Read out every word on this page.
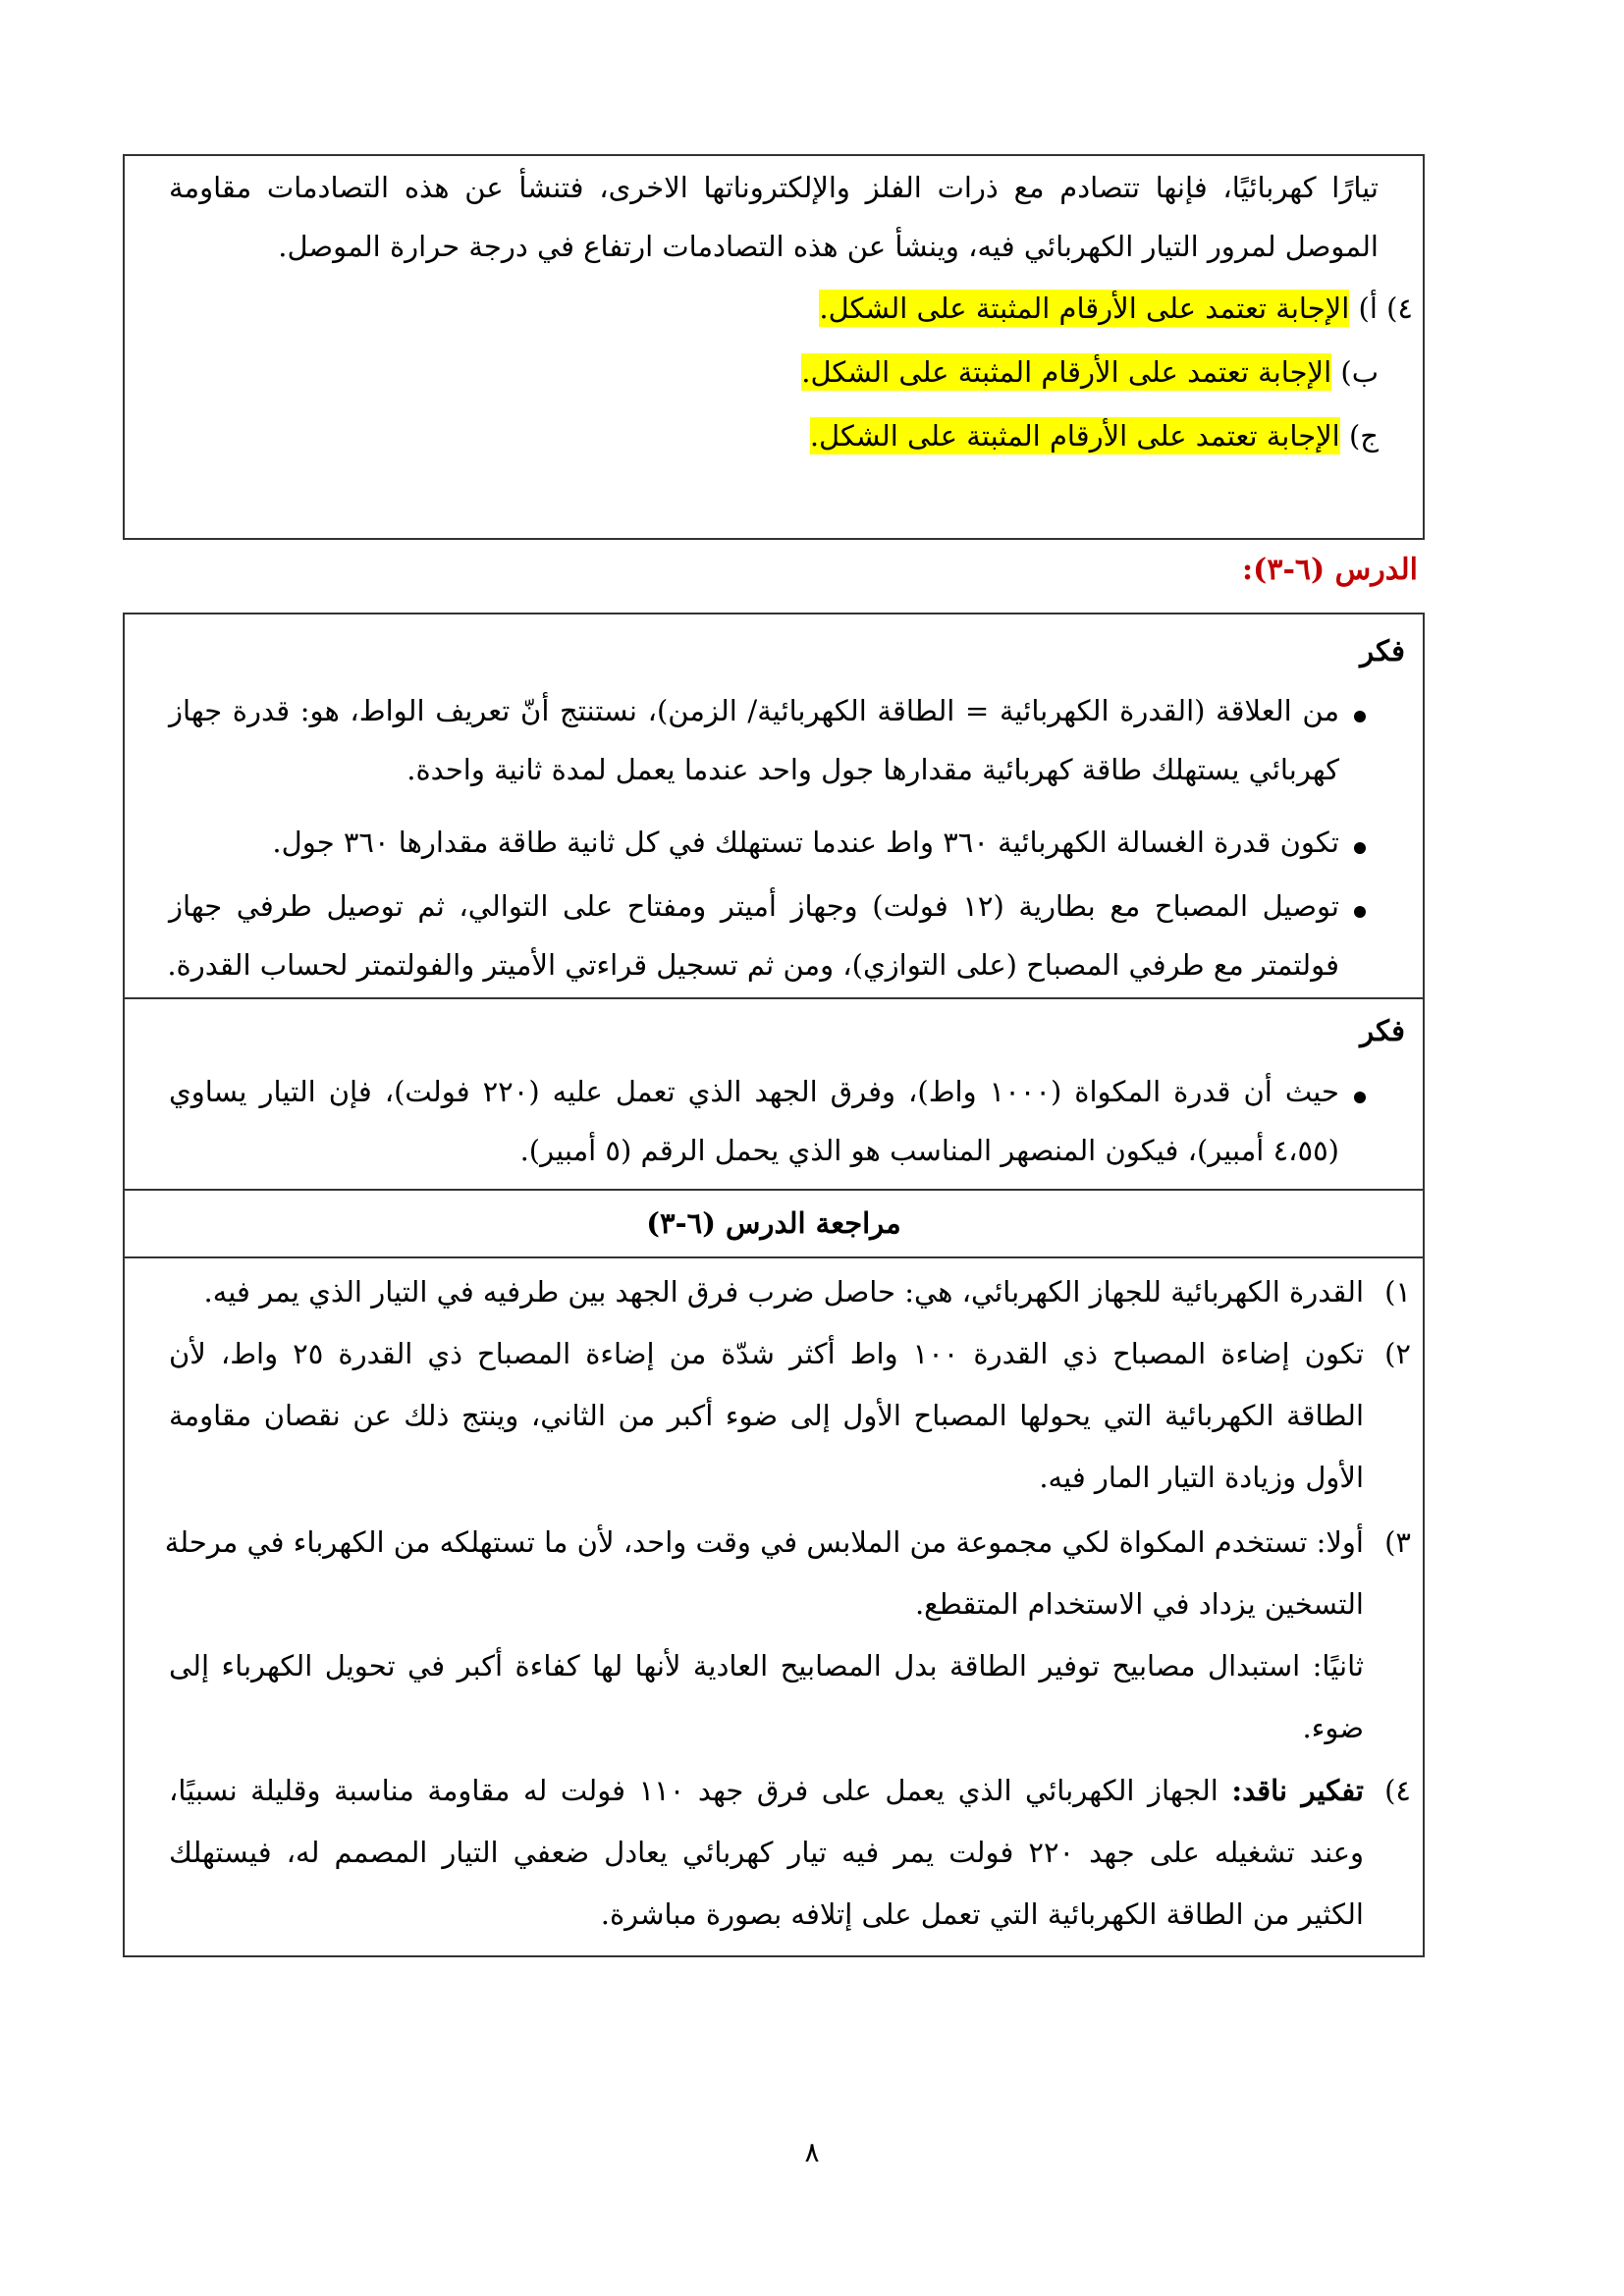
تيارًا كهربائيًا، فإنها تتصادم مع ذرات الفلز والإلكتروناتها الاخرى، فتنشأ عن هذه التصادمات مقاومة
الموصل لمرور التيار الكهربائي فيه، وينشأ عن هذه التصادمات ارتفاع في درجة حرارة الموصل.
٤) أ) الإجابة تعتمد على الأرقام المثبتة على الشكل.
ب) الإجابة تعتمد على الأرقام المثبتة على الشكل.
ج) الإجابة تعتمد على الأرقام المثبتة على الشكل.
الدرس (٦-٣):
فكر
من العلاقة (القدرة الكهربائية = الطاقة الكهربائية/ الزمن)، نستنتج أنّ تعريف الواط، هو: قدرة جهاز
كهربائي يستهلك طاقة كهربائية مقدارها جول واحد عندما يعمل لمدة ثانية واحدة.
تكون قدرة الغسالة الكهربائية ٣٦٠ واط عندما تستهلك في كل ثانية طاقة مقدارها ٣٦٠ جول.
توصيل المصباح مع بطارية (١٢ فولت) وجهاز أميتر ومفتاح على التوالي، ثم توصيل طرفي جهاز
فولتمتر مع طرفي المصباح (على التوازي)، ومن ثم تسجيل قراءتي الأميتر والفولتمتر لحساب القدرة.
فكر
حيث أن قدرة المكواة (١٠٠٠ واط)، وفرق الجهد الذي تعمل عليه (٢٢٠ فولت)، فإن التيار يساوي
(٤،٥٥ أمبير)، فيكون المنصهر المناسب هو الذي يحمل الرقم (٥ أمبير).
مراجعة الدرس (٦-٣)
١)
القدرة الكهربائية للجهاز الكهربائي، هي: حاصل ضرب فرق الجهد بين طرفيه في التيار الذي يمر فيه.
٢)
تكون إضاءة المصباح ذي القدرة ١٠٠ واط أكثر شدّة من إضاءة المصباح ذي القدرة ٢٥ واط، لأن
الطاقة الكهربائية التي يحولها المصباح الأول إلى ضوء أكبر من الثاني، وينتج ذلك عن نقصان مقاومة
الأول وزيادة التيار المار فيه.
٣)
أولا: تستخدم المكواة لكي مجموعة من الملابس في وقت واحد، لأن ما تستهلكه من الكهرباء في مرحلة
التسخين يزداد في الاستخدام المتقطع.
ثانيًا: استبدال مصابيح توفير الطاقة بدل المصابيح العادية لأنها لها كفاءة أكبر في تحويل الكهرباء إلى
ضوء.
٤)
تفكير ناقد: الجهاز الكهربائي الذي يعمل على فرق جهد ١١٠ فولت له مقاومة مناسبة وقليلة نسبيًا،
وعند تشغيله على جهد ٢٢٠ فولت يمر فيه تيار كهربائي يعادل ضعفي التيار المصمم له، فيستهلك
الكثير من الطاقة الكهربائية التي تعمل على إتلافه بصورة مباشرة.
٨
